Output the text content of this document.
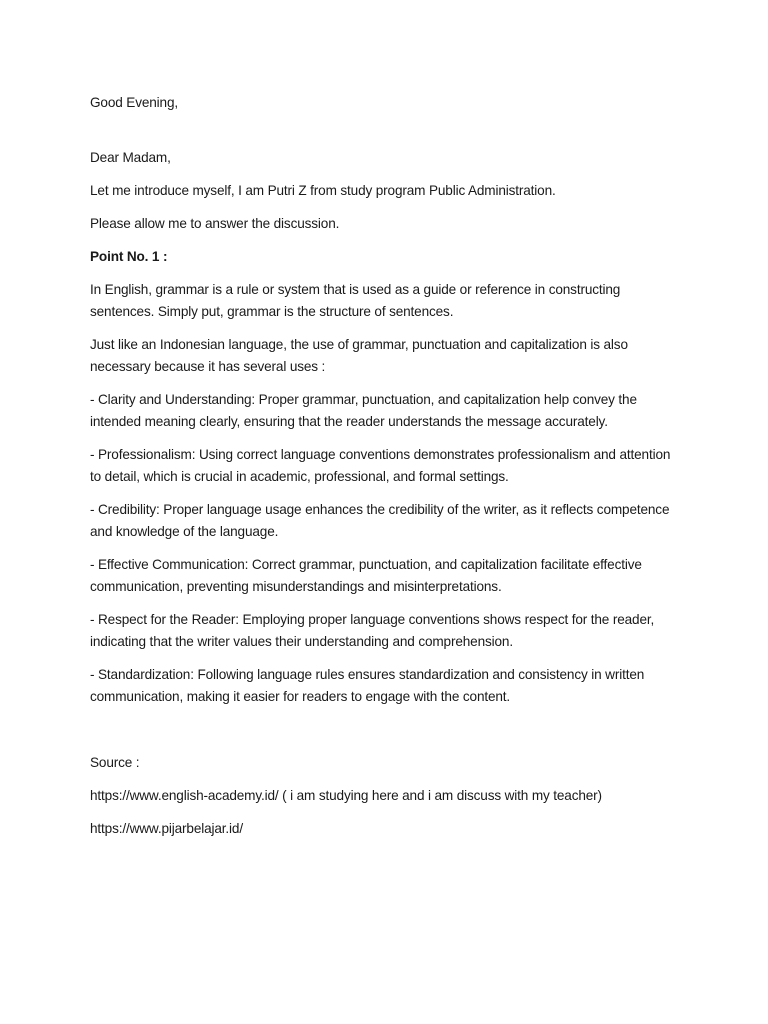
Good Evening,

Dear Madam,

Let me introduce myself, I am Putri Z from study program Public Administration.

Please allow me to answer the discussion.

Point No. 1 :

In English, grammar is a rule or system that is used as a guide or reference in constructing sentences. Simply put, grammar is the structure of sentences.

Just like an Indonesian language, the use of grammar, punctuation and capitalization is also necessary because it has several uses :

- Clarity and Understanding: Proper grammar, punctuation, and capitalization help convey the intended meaning clearly, ensuring that the reader understands the message accurately.

- Professionalism: Using correct language conventions demonstrates professionalism and attention to detail, which is crucial in academic, professional, and formal settings.

- Credibility: Proper language usage enhances the credibility of the writer, as it reflects competence and knowledge of the language.

- Effective Communication: Correct grammar, punctuation, and capitalization facilitate effective communication, preventing misunderstandings and misinterpretations.

- Respect for the Reader: Employing proper language conventions shows respect for the reader, indicating that the writer values their understanding and comprehension.

- Standardization: Following language rules ensures standardization and consistency in written communication, making it easier for readers to engage with the content.

Source :

https://www.english-academy.id/ ( i am studying here and i am discuss with my teacher)

https://www.pijarbelajar.id/
